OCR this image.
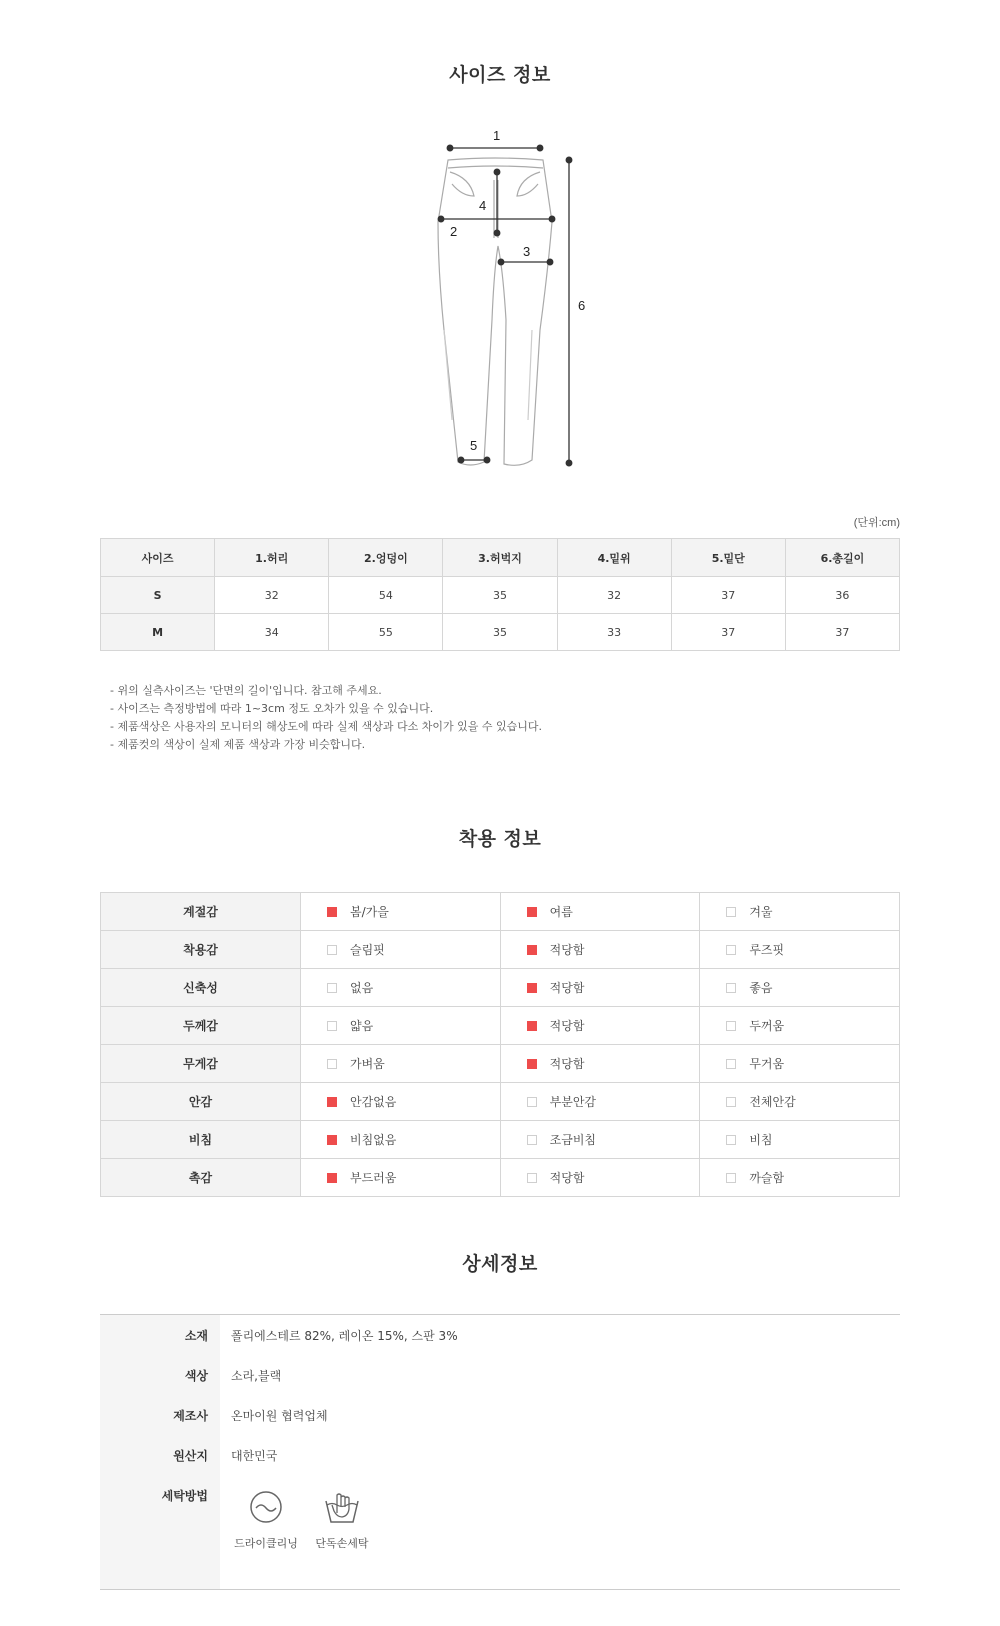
사이즈 정보
1
2
3
4
5
6
(단위:cm)
사이즈	1.허리	2.엉덩이	3.허벅지	4.밑위	5.밑단	6.총길이
S	32	54	35	32	37	36
M	34	55	35	33	37	37
- 위의 실측사이즈는 '단면의 길이'입니다. 참고해 주세요.
- 사이즈는 측정방법에 따라 1~3cm 정도 오차가 있을 수 있습니다.
- 제품색상은 사용자의 모니터의 해상도에 따라 실제 색상과 다소 차이가 있을 수 있습니다.
- 제품컷의 색상이 실제 제품 색상과 가장 비슷합니다.
착용 정보
계절감	봄/가을	여름	겨울

착용감	슬림핏	적당함	루즈핏

신축성	없음	적당함	좋음

두께감	얇음	적당함	두꺼움

무게감	가벼움	적당함	무거움

안감	안감없음	부분안감	전체안감

비침	비침없음	조금비침	비침

촉감	부드러움	적당함	까슬함
상세정보
소재 폴리에스테르 82%, 레이온 15%, 스판 3%
색상 소라,블랙
제조사 온마이원 협력업체
원산지 대한민국
세탁방법
드라이클리닝	단독손세탁
